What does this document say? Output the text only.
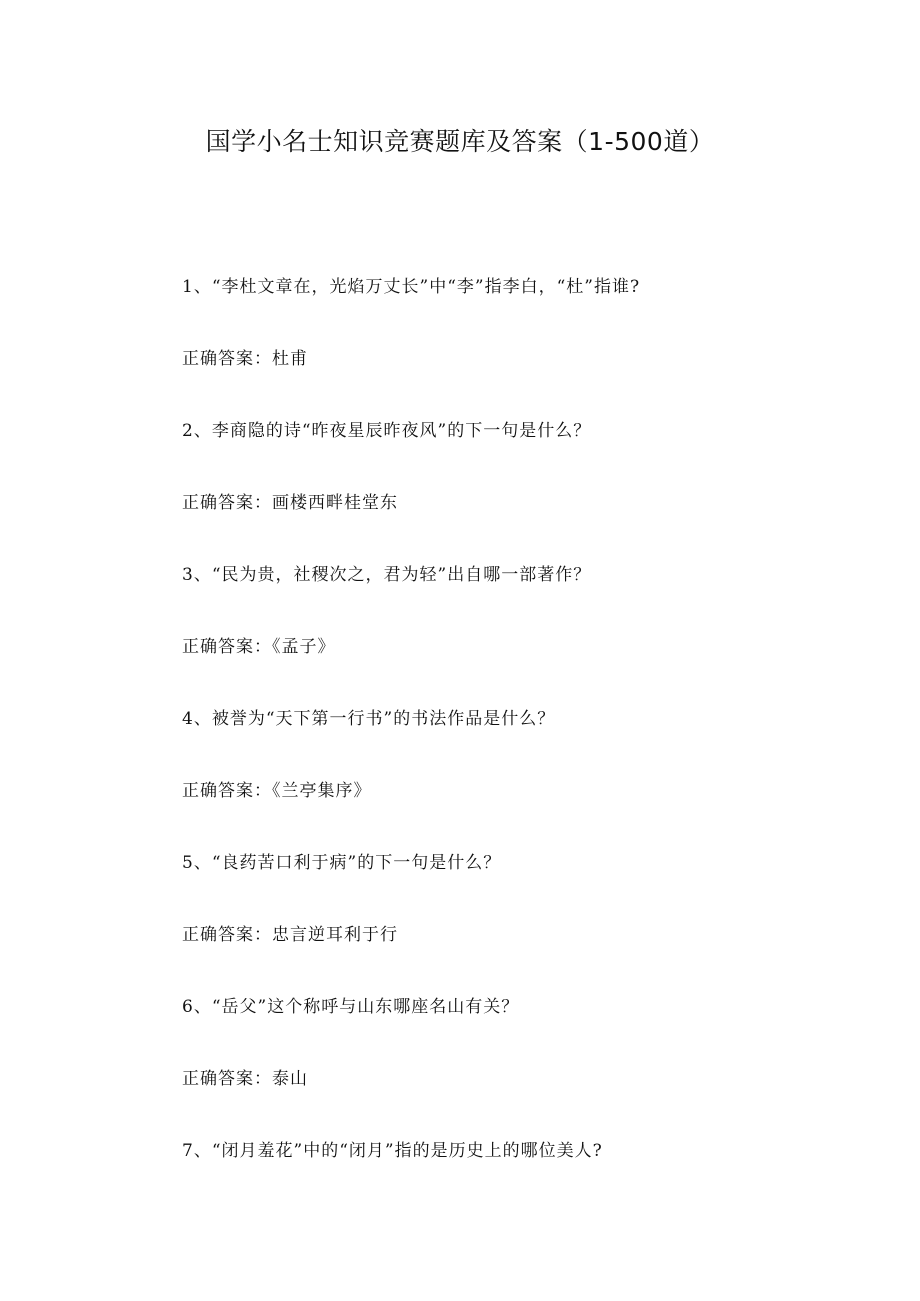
国学小名士知识竞赛题库及答案（1-500道）
1、“李杜文章在，光焰万丈长”中“李”指李白，“杜”指谁?
正确答案：杜甫
2、李商隐的诗“昨夜星辰昨夜风”的下一句是什么？
正确答案：画楼西畔桂堂东
3、“民为贵，社稷次之，君为轻”出自哪一部著作？
正确答案：《孟子》
4、被誉为“天下第一行书”的书法作品是什么？
正确答案：《兰亭集序》
5、“良药苦口利于病”的下一句是什么？
正确答案：忠言逆耳利于行
6、“岳父”这个称呼与山东哪座名山有关？
正确答案：泰山
7、“闭月羞花”中的“闭月”指的是历史上的哪位美人?
